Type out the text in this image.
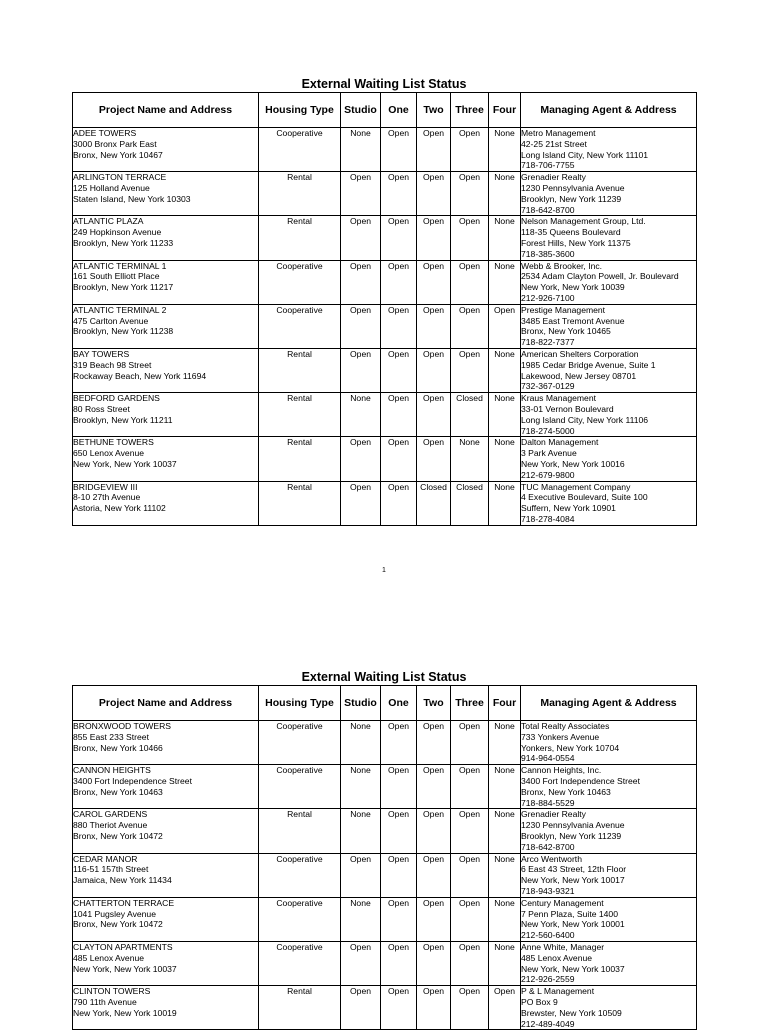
External Waiting List Status
Project Name and Address	Housing Type	Studio	One	Two	Three	Four	Managing Agent & Address

ADEE TOWERS
3000 Bronx Park East
Bronx, New York 10467	Cooperative	None	Open	Open	Open	None	Metro Management
42-25 21st Street
Long Island City, New York 11101
718-706-7755

ARLINGTON TERRACE
125 Holland Avenue
Staten Island, New York 10303	Rental	Open	Open	Open	Open	None	Grenadier Realty
1230 Pennsylvania Avenue
Brooklyn, New York 11239
718-642-8700

ATLANTIC PLAZA
249 Hopkinson Avenue
Brooklyn, New York 11233	Rental	Open	Open	Open	Open	None	Nelson Management Group, Ltd.
118-35 Queens Boulevard
Forest Hills, New York 11375
718-385-3600

ATLANTIC TERMINAL 1
161 South Elliott Place
Brooklyn, New York 11217	Cooperative	Open	Open	Open	Open	None	Webb & Brooker, Inc.
2534 Adam Clayton Powell, Jr. Boulevard
New York, New York 10039
212-926-7100

ATLANTIC TERMINAL 2
475 Carlton Avenue
Brooklyn, New York 11238	Cooperative	Open	Open	Open	Open	Open	Prestige Management
3485 East Tremont Avenue
Bronx, New York 10465
718-822-7377

BAY TOWERS
319 Beach 98 Street
Rockaway Beach, New York 11694	Rental	Open	Open	Open	Open	None	American Shelters Corporation
1985 Cedar Bridge Avenue, Suite 1
Lakewood, New Jersey 08701
732-367-0129

BEDFORD GARDENS
80 Ross Street
Brooklyn, New York 11211	Rental	None	Open	Open	Closed	None	Kraus Management
33-01 Vernon Boulevard
Long Island City, New York 11106
718-274-5000

BETHUNE TOWERS
650 Lenox Avenue
New York, New York 10037	Rental	Open	Open	Open	None	None	Dalton Management
3 Park Avenue
New York, New York 10016
212-679-9800

BRIDGEVIEW III
8-10 27th Avenue
Astoria, New York 11102	Rental	Open	Open	Closed	Closed	None	TUC Management Company
4 Executive Boulevard, Suite 100
Suffern, New York 10901
718-278-4084
1
External Waiting List Status
Project Name and Address	Housing Type	Studio	One	Two	Three	Four	Managing Agent & Address

BRONXWOOD TOWERS
855 East 233 Street
Bronx, New York 10466	Cooperative	None	Open	Open	Open	None	Total Realty Associates
733 Yonkers Avenue
Yonkers, New York 10704
914-964-0554

CANNON HEIGHTS
3400 Fort Independence Street
Bronx, New York 10463	Cooperative	None	Open	Open	Open	None	Cannon Heights, Inc.
3400 Fort Independence Street
Bronx, New York 10463
718-884-5529

CAROL GARDENS
880 Theriot Avenue
Bronx, New York 10472	Rental	None	Open	Open	Open	None	Grenadier Realty
1230 Pennsylvania Avenue
Brooklyn, New York 11239
718-642-8700

CEDAR MANOR
116-51 157th Street
Jamaica, New York 11434	Cooperative	Open	Open	Open	Open	None	Arco Wentworth
6 East 43 Street, 12th Floor
New York, New York 10017
718-943-9321

CHATTERTON TERRACE
1041 Pugsley Avenue
Bronx, New York 10472	Cooperative	None	Open	Open	Open	None	Century Management
7 Penn Plaza, Suite 1400
New York, New York 10001
212-560-6400

CLAYTON APARTMENTS
485 Lenox Avenue
New York, New York 10037	Cooperative	Open	Open	Open	Open	None	Anne White, Manager
485 Lenox Avenue
New York, New York 10037
212-926-2559

CLINTON TOWERS
790 11th Avenue
New York, New York 10019	Rental	Open	Open	Open	Open	Open	P & L Management
PO Box 9
Brewster, New York 10509
212-489-4049
